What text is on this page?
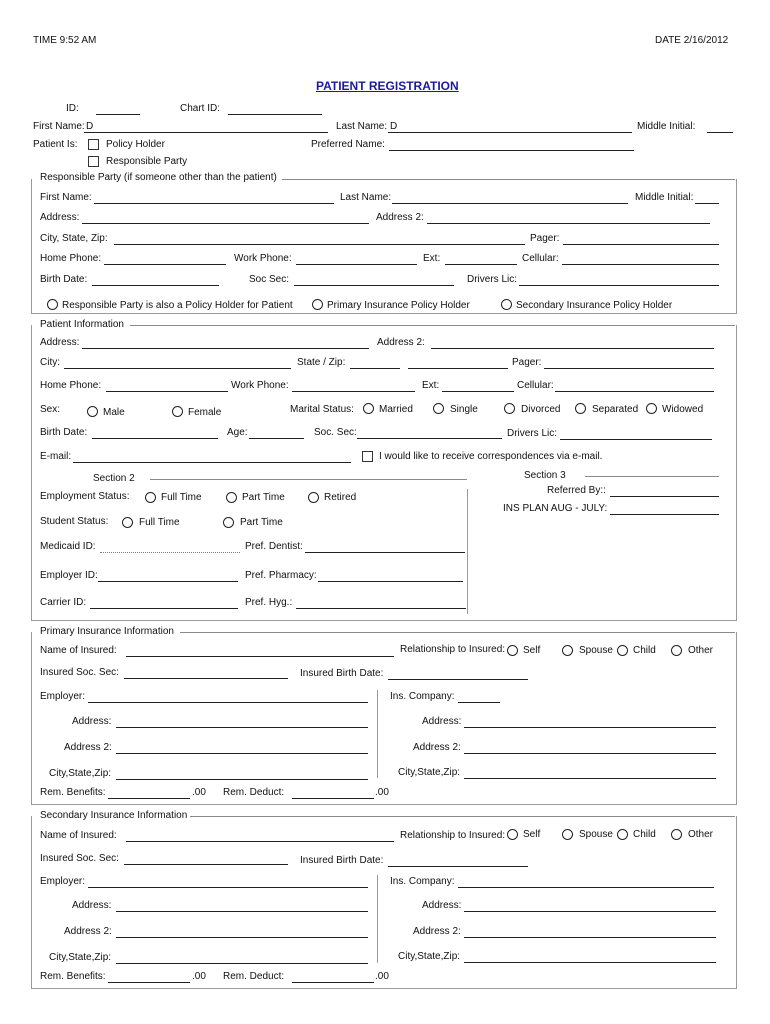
TIME 9:52 AM	DATE 2/16/2012
PATIENT REGISTRATION
ID:	Chart ID:
First Name: D	Last Name: D	Middle Initial:
Patient Is:	Policy Holder
Responsible Party
Preferred Name:
Responsible Party (if someone other than the patient)
First Name:	Last Name:	Middle Initial:
Address:	Address 2:
City, State, Zip:	Pager:
Home Phone:	Work Phone:	Ext:	Cellular:
Birth Date:	Soc Sec:	Drivers Lic:
Responsible Party is also a Policy Holder for Patient	Primary Insurance Policy Holder	Secondary Insurance Policy Holder
Patient Information
Address:	Address 2:
City:	State / Zip:	Pager:
Home Phone:	Work Phone:	Ext:	Cellular:
Sex:	Male	Female	Marital Status:	Married	Single	Divorced	Separated Widowed
Birth Date:	Age:	Soc. Sec:	Drivers Lic:
E-mail:	I would like to receive correspondences via e-mail.
Section 2	Section 3
Employment Status:	Full Time	Part Time	Retired
Referred By::
INS PLAN AUG - JULY:
Student Status:	Full Time	Part Time
Medicaid ID:	Pref. Dentist:
Employer ID:	Pref. Pharmacy:
Carrier ID:	Pref. Hyg.:
Primary Insurance Information
Name of Insured:	Relationship to Insured: Self	Spouse Child	Other
Insured Soc. Sec:	Insured Birth Date:
Employer:	Ins. Company:
Address:	Address:
Address 2:	Address 2:
City,State,Zip:	City,State,Zip:
Rem. Benefits:	.00 Rem. Deduct:	.00
Secondary Insurance Information
Name of Insured:	Relationship to Insured: Self	Spouse Child	Other
Insured Soc. Sec:	Insured Birth Date:
Employer:	Ins. Company:
Address:	Address:
Address 2:	Address 2:
City,State,Zip:	City,State,Zip:
Rem. Benefits:	.00 Rem. Deduct:	.00
